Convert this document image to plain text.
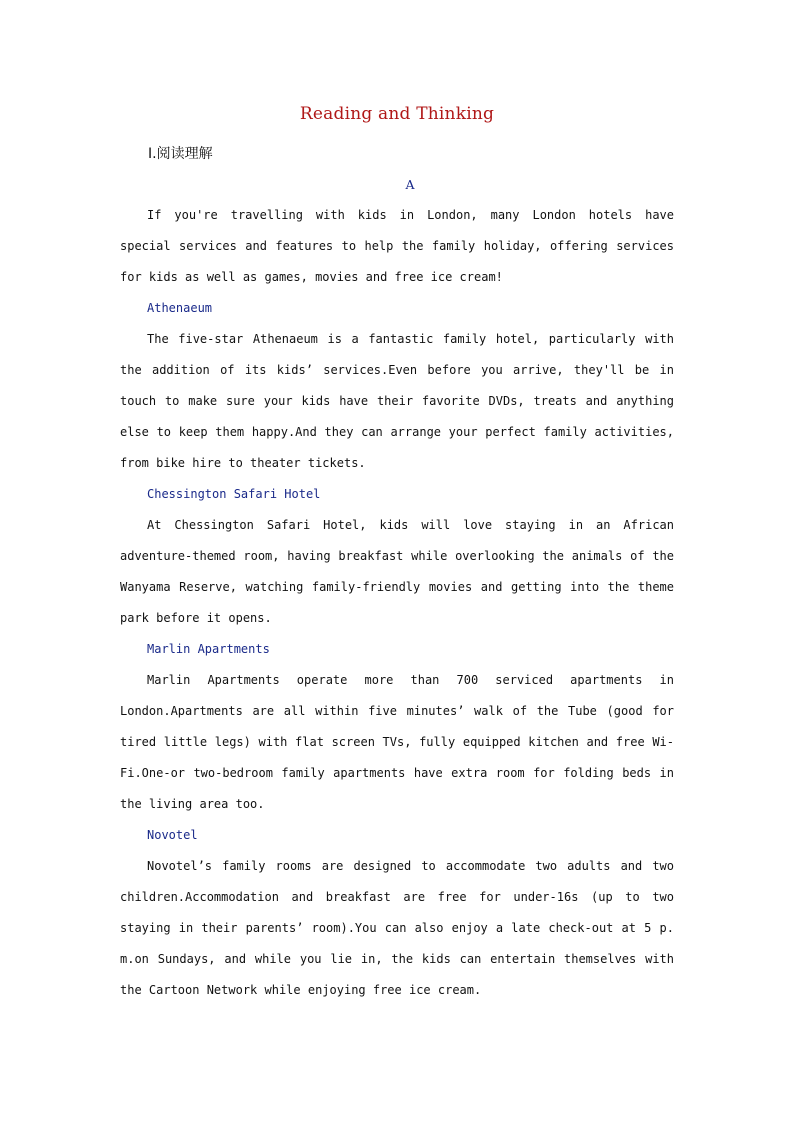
Reading and Thinking
Ⅰ.阅读理解
A

If you're travelling with kids in London, many London hotels have special services and features to help the family holiday, offering services for kids as well as games, movies and free ice cream!

Athenaeum

The five-star Athenaeum is a fantastic family hotel, particularly with the addition of its kids’ services.Even before you arrive, they'll be in touch to make sure your kids have their favorite DVDs, treats and anything else to keep them happy.And they can arrange your perfect family activities, from bike hire to theater tickets.

Chessington Safari Hotel

At Chessington Safari Hotel, kids will love staying in an African adventure-themed room, having breakfast while overlooking the animals of the Wanyama Reserve, watching family-friendly movies and getting into the theme park before it opens.

Marlin Apartments

Marlin Apartments operate more than 700 serviced apartments in London.Apartments are all within five minutes’ walk of the Tube (good for tired little legs) with flat screen TVs, fully equipped kitchen and free Wi-Fi.One-or two-bedroom family apartments have extra room for folding beds in the living area too.

Novotel

Novotel’s family rooms are designed to accommodate two adults and two children.Accommodation and breakfast are free for under-16s (up to two staying in their parents’ room).You can also enjoy a late check-out at 5 p. m.on Sundays, and while you lie in, the kids can entertain themselves with the Cartoon Network while enjoying free ice cream.
